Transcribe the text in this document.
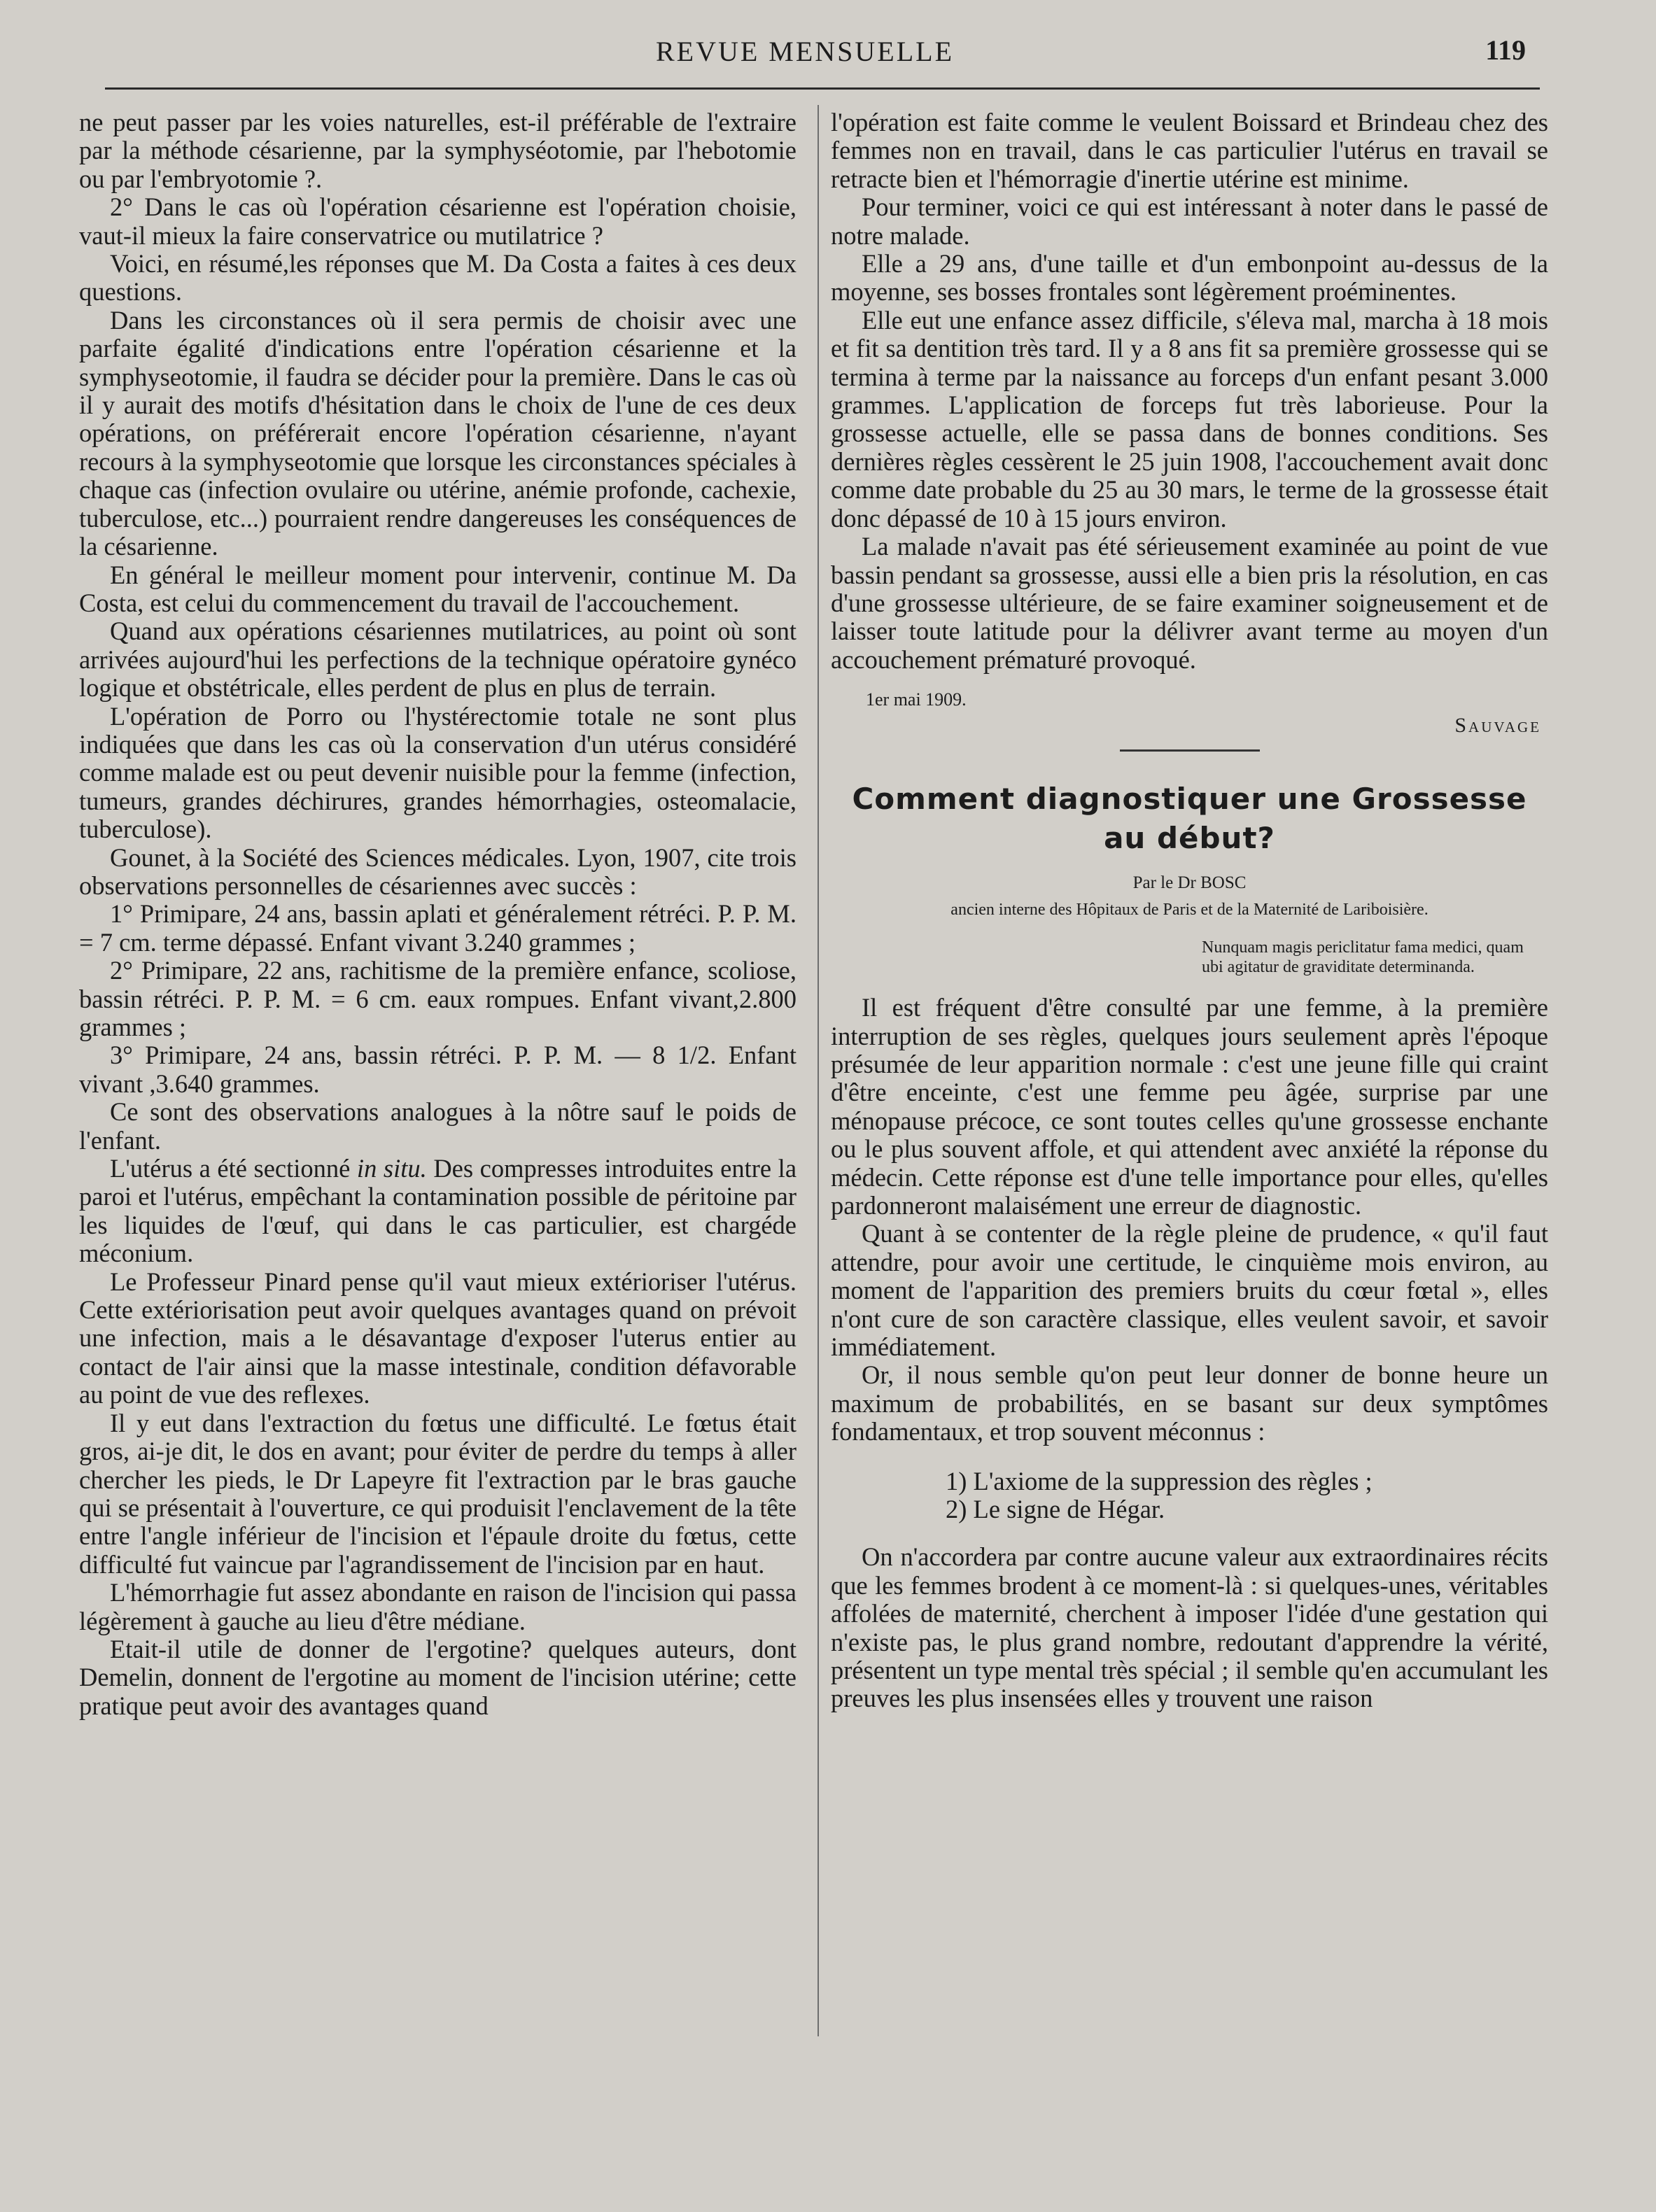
REVUE MENSUELLE	119

ne peut passer par les voies naturelles, est-il préférable de l'extraire par la méthode césarienne, par la symphyséotomie, par l'hebotomie ou par l'embryotomie ?.

2° Dans le cas où l'opération césarienne est l'opération choisie, vaut-il mieux la faire conservatrice ou mutilatrice ?

Voici, en résumé,les réponses que M. Da Costa a faites à ces deux questions.

Dans les circonstances où il sera permis de choisir avec une parfaite égalité d'indications entre l'opération césarienne et la symphyseotomie, il faudra se décider pour la première. Dans le cas où il y aurait des motifs d'hésitation dans le choix de l'une de ces deux opérations, on préférerait encore l'opération césarienne, n'ayant recours à la symphyseotomie que lorsque les circonstances spéciales à chaque cas (infection ovulaire ou utérine, anémie profonde, cachexie, tuberculose, etc...) pourraient rendre dangereuses les conséquences de la césarienne.

En général le meilleur moment pour intervenir, continue M. Da Costa, est celui du commencement du travail de l'accouchement.

Quand aux opérations césariennes mutilatrices, au point où sont arrivées aujourd'hui les perfections de la technique opératoire gynéco logique et obstétricale, elles perdent de plus en plus de terrain.

L'opération de Porro ou l'hystérectomie totale ne sont plus indiquées que dans les cas où la conservation d'un utérus considéré comme malade est ou peut devenir nuisible pour la femme (infection, tumeurs, grandes déchirures, grandes hémorrhagies, osteomalacie, tuberculose).

Gounet, à la Société des Sciences médicales. Lyon, 1907, cite trois observations personnelles de césariennes avec succès :

1° Primipare, 24 ans, bassin aplati et généralement rétréci. P. P. M. = 7 cm. terme dépassé. Enfant vivant 3.240 grammes ;

2° Primipare, 22 ans, rachitisme de la première enfance, scoliose, bassin rétréci. P. P. M. = 6 cm. eaux rompues. Enfant vivant,2.800 grammes ;

3° Primipare, 24 ans, bassin rétréci. P. P. M. — 8 1/2. Enfant vivant ,3.640 grammes.

Ce sont des observations analogues à la nôtre sauf le poids de l'enfant.

L'utérus a été sectionné in situ. Des compresses introduites entre la paroi et l'utérus, empêchant la contamination possible de péritoine par les liquides de l'œuf, qui dans le cas particulier, est chargéde méconium.

Le Professeur Pinard pense qu'il vaut mieux extérioriser l'utérus. Cette extériorisation peut avoir quelques avantages quand on prévoit une infection, mais a le désavantage d'exposer l'uterus entier au contact de l'air ainsi que la masse intestinale, condition défavorable au point de vue des reflexes.

Il y eut dans l'extraction du fœtus une difficulté. Le fœtus était gros, ai-je dit, le dos en avant; pour éviter de perdre du temps à aller chercher les pieds, le Dr Lapeyre fit l'extraction par le bras gauche qui se présentait à l'ouverture, ce qui produisit l'enclavement de la tête entre l'angle inférieur de l'incision et l'épaule droite du fœtus, cette difficulté fut vaincue par l'agrandissement de l'incision par en haut.

L'hémorrhagie fut assez abondante en raison de l'incision qui passa légèrement à gauche au lieu d'être médiane.

Etait-il utile de donner de l'ergotine? quelques auteurs, dont Demelin, donnent de l'ergotine au moment de l'incision utérine; cette pratique peut avoir des avantages quand

l'opération est faite comme le veulent Boissard et Brindeau chez des femmes non en travail, dans le cas particulier l'utérus en travail se retracte bien et l'hémorragie d'inertie utérine est minime.

Pour terminer, voici ce qui est intéressant à noter dans le passé de notre malade.

Elle a 29 ans, d'une taille et d'un embonpoint au-dessus de la moyenne, ses bosses frontales sont légèrement proéminentes.

Elle eut une enfance assez difficile, s'éleva mal, marcha à 18 mois et fit sa dentition très tard. Il y a 8 ans fit sa première grossesse qui se termina à terme par la naissance au forceps d'un enfant pesant 3.000 grammes. L'application de forceps fut très laborieuse. Pour la grossesse actuelle, elle se passa dans de bonnes conditions. Ses dernières règles cessèrent le 25 juin 1908, l'accouchement avait donc comme date probable du 25 au 30 mars, le terme de la grossesse était donc dépassé de 10 à 15 jours environ.

La malade n'avait pas été sérieusement examinée au point de vue bassin pendant sa grossesse, aussi elle a bien pris la résolution, en cas d'une grossesse ultérieure, de se faire examiner soigneusement et de laisser toute latitude pour la délivrer avant terme au moyen d'un accouchement prématuré provoqué.

1er mai 1909.
Sauvage
Comment diagnostiquer une Grossesse
au début?
Par le Dr BOSC
ancien interne des Hôpitaux de Paris et de la Maternité de Lariboisière.
Nunquam magis periclitatur fama medici, quam ubi agitatur de graviditate determinanda.

Il est fréquent d'être consulté par une femme, à la première interruption de ses règles, quelques jours seulement après l'époque présumée de leur apparition normale : c'est une jeune fille qui craint d'être enceinte, c'est une femme peu âgée, surprise par une ménopause précoce, ce sont toutes celles qu'une grossesse enchante ou le plus souvent affole, et qui attendent avec anxiété la réponse du médecin. Cette réponse est d'une telle importance pour elles, qu'elles pardonneront malaisément une erreur de diagnostic.

Quant à se contenter de la règle pleine de prudence, « qu'il faut attendre, pour avoir une certitude, le cinquième mois environ, au moment de l'apparition des premiers bruits du cœur fœtal », elles n'ont cure de son caractère classique, elles veulent savoir, et savoir immédiatement.

Or, il nous semble qu'on peut leur donner de bonne heure un maximum de probabilités, en se basant sur deux symptômes fondamentaux, et trop souvent méconnus :

1) L'axiome de la suppression des règles ;

2) Le signe de Hégar.

On n'accordera par contre aucune valeur aux extraordinaires récits que les femmes brodent à ce moment-là : si quelques-unes, véritables affolées de maternité, cherchent à imposer l'idée d'une gestation qui n'existe pas, le plus grand nombre, redoutant d'apprendre la vérité, présentent un type mental très spécial ; il semble qu'en accumulant les preuves les plus insensées elles y trouvent une raison
